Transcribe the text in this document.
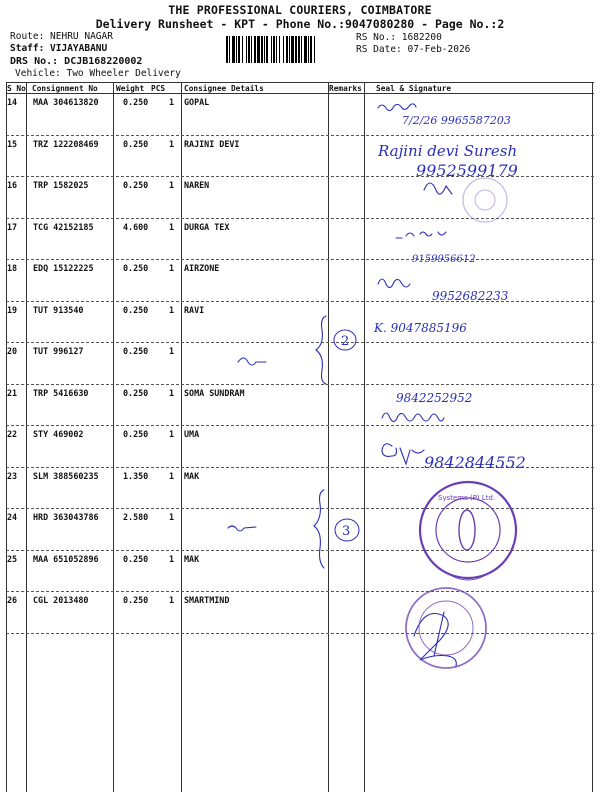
THE PROFESSIONAL COURIERS, COIMBATORE
Delivery Runsheet - KPT - Phone No.:9047080280 - Page No.:2
Route: NEHRU NAGAR
Staff: VIJAYABANU
DRS No.: DCJB168220002
Vehicle: Two Wheeler Delivery
RS No.: 1682200
RS Date: 07-Feb-2026
S No Consignment No Weight PCS Consignee Details	Remarks Seal & Signature
14 MAA 304613820	0.250 1 GOPAL
15 TRZ 122208469	0.250 1 RAJINI DEVI
16 TRP 1582025	0.250 1 NAREN
17 TCG 42152185	4.600 1 DURGA TEX
18 EDQ 15122225	0.250 1 AIRZONE
19 TUT 913540	0.250 1 RAVI
20 TUT 996127	0.250 1
21 TRP 5416630	0.250 1 SOMA SUNDRAM
22 STY 469002	0.250 1 UMA
23 SLM 388560235	1.350 1 MAK
24 HRD 363043786	2.580 1
25 MAA 651052896	0.250 1 MAK
26 CGL 2013480	0.250 1 SMARTMIND
7/2/26 9965587203
Rajini devi Suresh
9952599179
9159956612
9952682233
K. 9047885196
9842252952
9842844552
2
3
Systems (P) Ltd.
